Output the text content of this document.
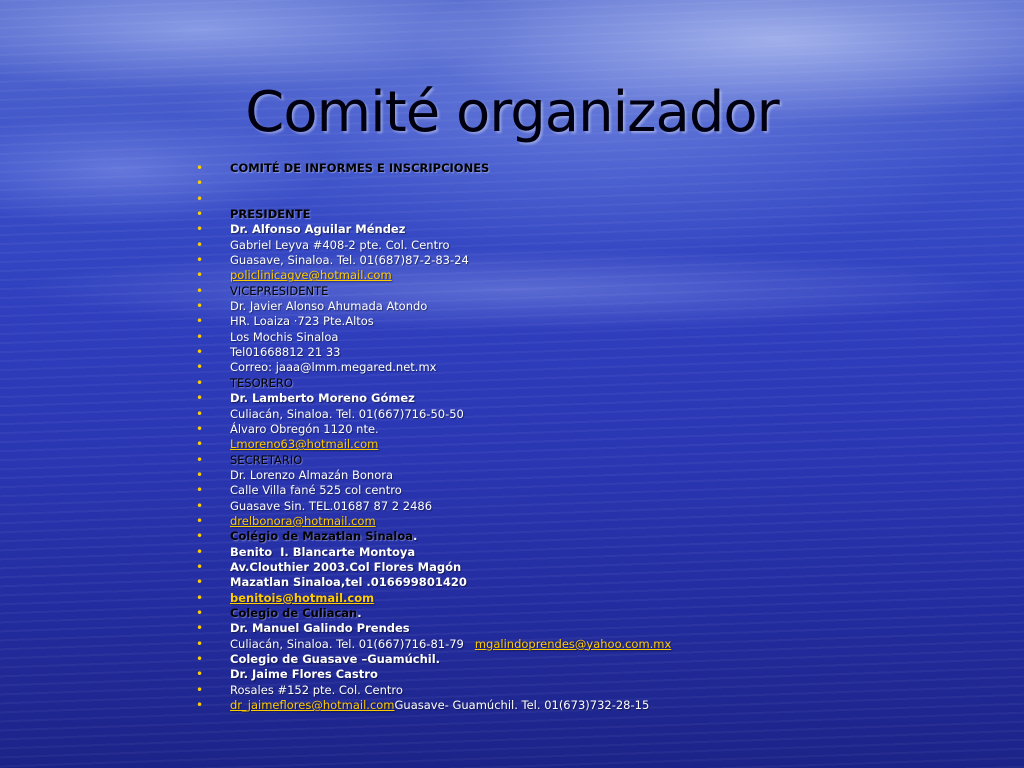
Comité organizador
• COMITÉ DE INFORMES E INSCRIPCIONES
•
•
• PRESIDENTE
• Dr. Alfonso Aguilar Méndez
• Gabriel Leyva #408-2 pte. Col. Centro
• Guasave, Sinaloa. Tel. 01(687)87-2-83-24
• policlinicagve@hotmail.com
• VICEPRESIDENTE
• Dr. Javier Alonso Ahumada Atondo
• HR. Loaiza ·723 Pte.Altos
• Los Mochis Sinaloa
• Tel01668812 21 33
• Correo: jaaa@lmm.megared.net.mx
• TESORERO
• Dr. Lamberto Moreno Gómez
• Culiacán, Sinaloa. Tel. 01(667)716-50-50
• Álvaro Obregón 1120 nte.
• Lmoreno63@hotmail.com
• SECRETARIO
• Dr. Lorenzo Almazán Bonora
• Calle Villa fané 525 col centro
• Guasave Sin. TEL.01687 87 2 2486
• drelbonora@hotmail.com
• Colégio de Mazatlan Sinaloa.
• Benito  I. Blancarte Montoya
• Av.Clouthier 2003.Col Flores Magón
• Mazatlan Sinaloa,tel .016699801420
• benitois@hotmail.com
• Colegio de Culiacan.
• Dr. Manuel Galindo Prendes
• Culiacán, Sinaloa. Tel. 01(667)716-81-79   mgalindoprendes@yahoo.com.mx
• Colegio de Guasave –Guamúchil.
• Dr. Jaime Flores Castro
• Rosales #152 pte. Col. Centro
• dr_jaimeflores@hotmail.comGuasave- Guamúchil. Tel. 01(673)732-28-15
